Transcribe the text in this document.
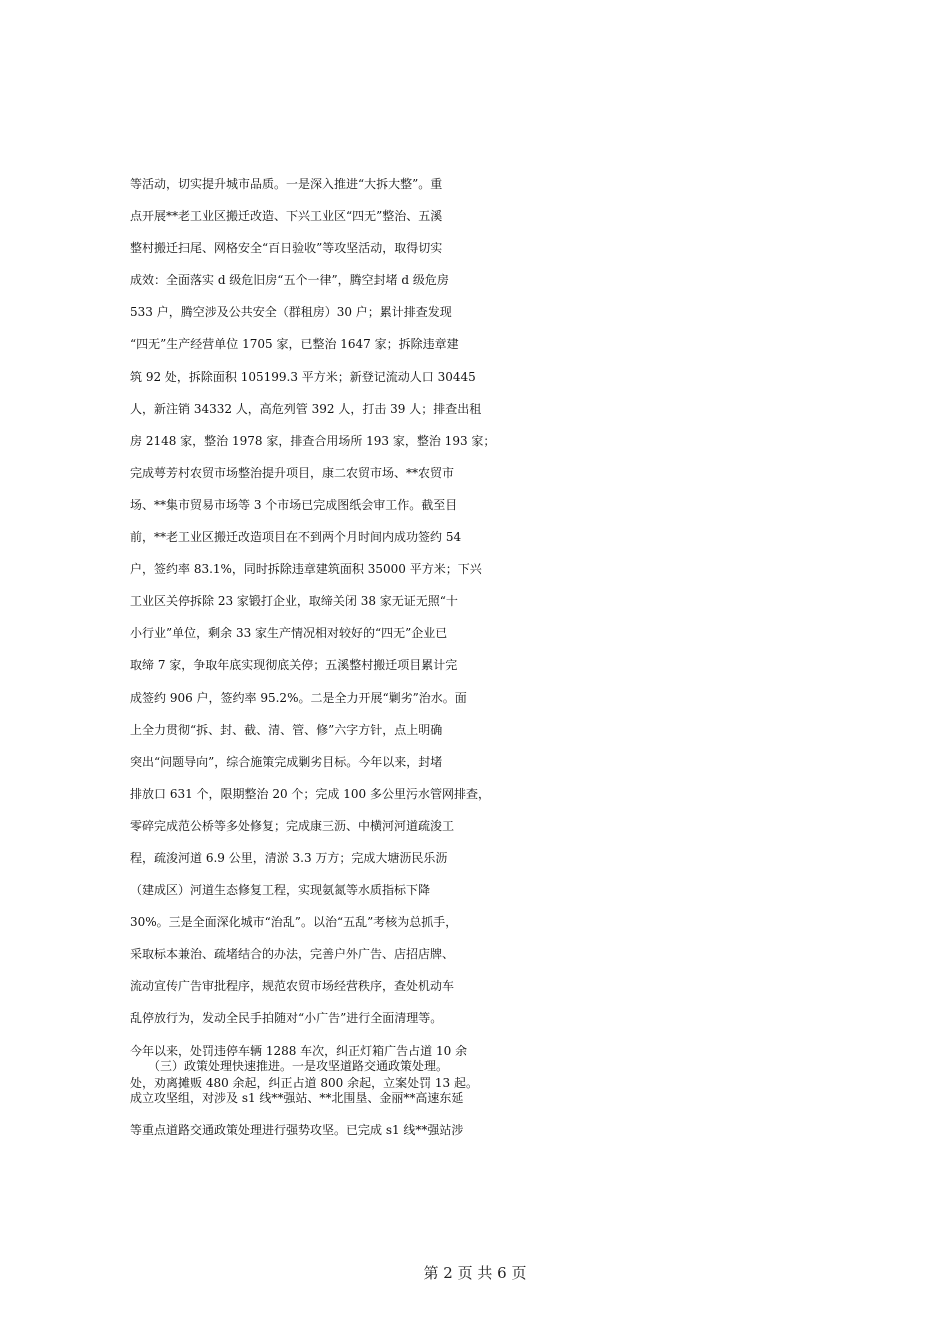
等活动，切实提升城市品质。一是深入推进“大拆大整”。重
点开展**老工业区搬迁改造、下兴工业区“四无”整治、五溪
整村搬迁扫尾、网格安全“百日验收”等攻坚活动，取得切实
成效：全面落实 d 级危旧房“五个一律”，腾空封堵 d 级危房
533 户，腾空涉及公共安全（群租房）30 户；累计排查发现
“四无”生产经营单位 1705 家，已整治 1647 家；拆除违章建
筑 92 处，拆除面积 105199.3 平方米；新登记流动人口 30445
人，新注销 34332 人，高危列管 392 人，打击 39 人；排查出租
房 2148 家，整治 1978 家，排查合用场所 193 家，整治 193 家；
完成萼芳村农贸市场整治提升项目，康二农贸市场、**农贸市
场、**集市贸易市场等 3 个市场已完成图纸会审工作。截至目
前，**老工业区搬迁改造项目在不到两个月时间内成功签约 54
户，签约率 83.1%，同时拆除违章建筑面积 35000 平方米；下兴
工业区关停拆除 23 家锻打企业，取缔关闭 38 家无证无照“十
小行业”单位，剩余 33 家生产情况相对较好的“四无”企业已
取缔 7 家，争取年底实现彻底关停；五溪整村搬迁项目累计完
成签约 906 户，签约率 95.2%。二是全力开展“剿劣”治水。面
上全力贯彻“拆、封、截、清、管、修”六字方针，点上明确
突出“问题导向”，综合施策完成剿劣目标。今年以来，封堵
排放口 631 个，限期整治 20 个；完成 100 多公里污水管网排查，
零碎完成范公桥等多处修复；完成康三沥、中横河河道疏浚工
程，疏浚河道 6.9 公里，清淤 3.3 万方；完成大塘沥民乐沥
（建成区）河道生态修复工程，实现氨氮等水质指标下降
30%。三是全面深化城市“治乱”。以治“五乱”考核为总抓手，
采取标本兼治、疏堵结合的办法，完善户外广告、店招店牌、
流动宣传广告审批程序，规范农贸市场经营秩序，查处机动车
乱停放行为，发动全民手拍随对“小广告”进行全面清理等。
今年以来，处罚违停车辆 1288 车次，纠正灯箱广告占道 10 余
处，劝离摊贩 480 余起，纠正占道 800 余起，立案处罚 13 起。
　　（三）政策处理快速推进。一是攻坚道路交通政策处理。
成立攻坚组，对涉及 s1 线**强站、**北围垦、金丽**高速东延
等重点道路交通政策处理进行强势攻坚。已完成 s1 线**强站涉
第 2 页 共 6 页
